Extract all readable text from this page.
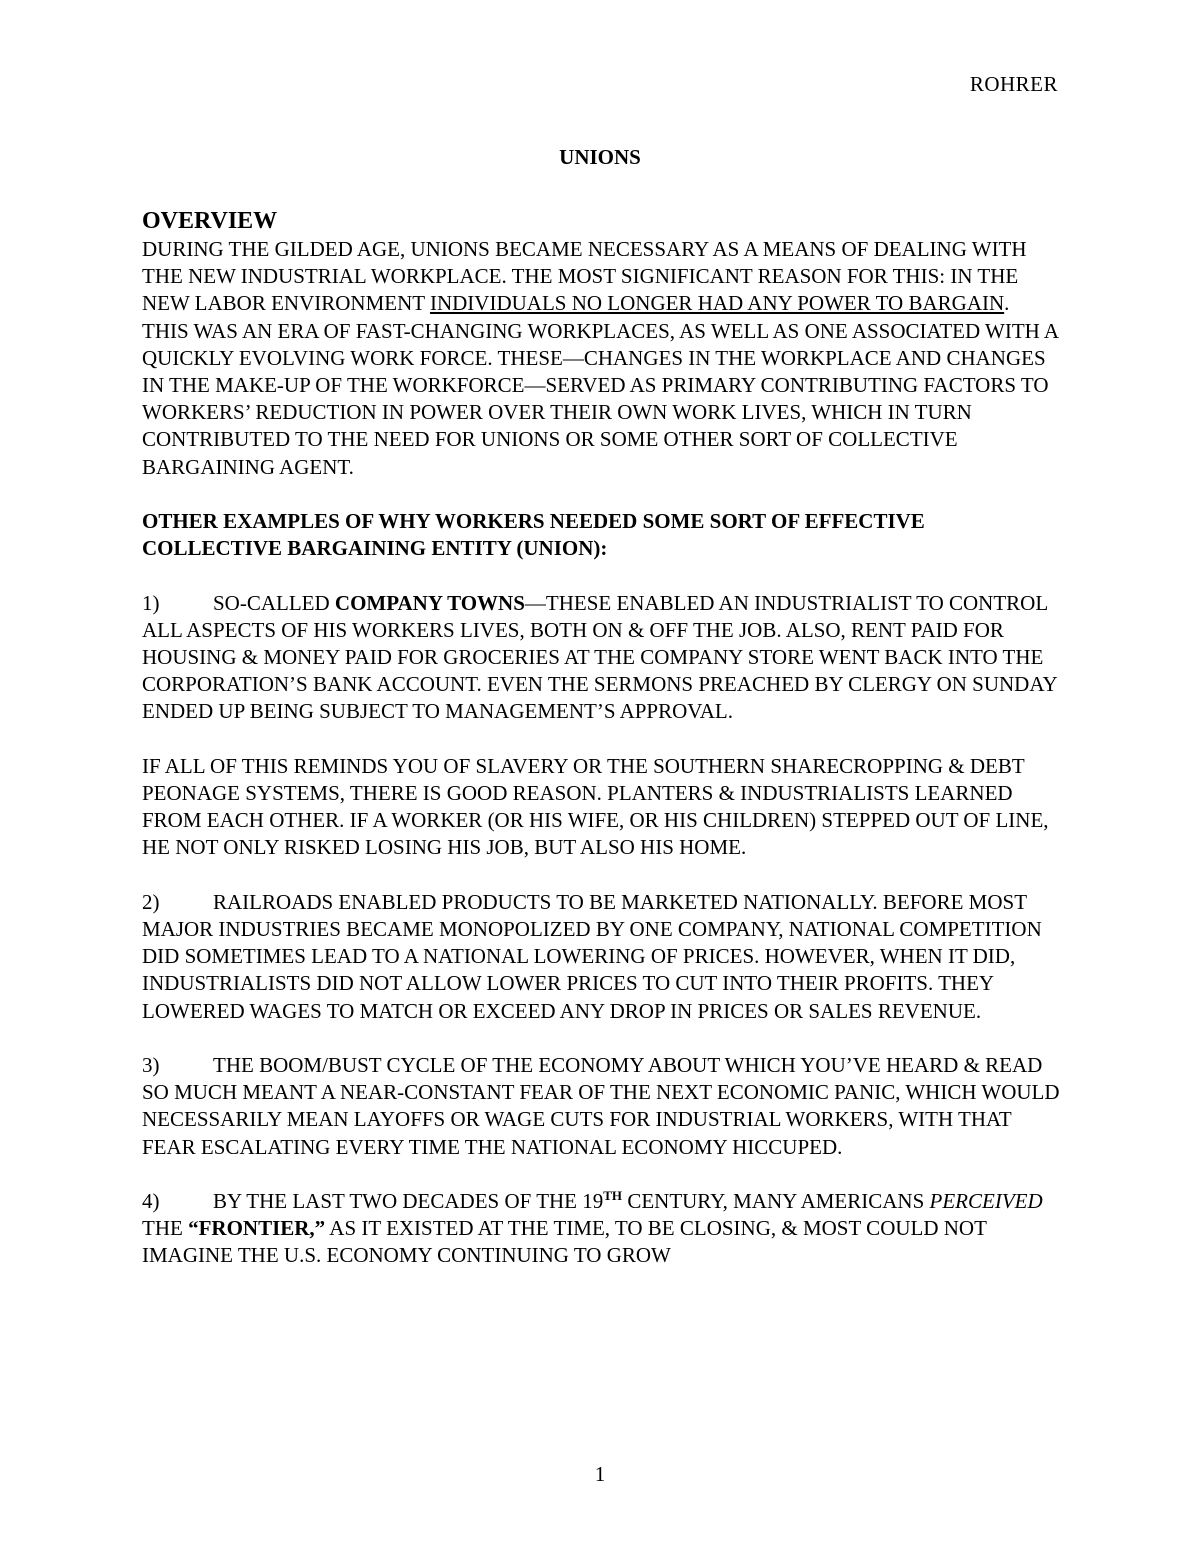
ROHRER
UNIONS
OVERVIEW

DURING THE GILDED AGE, UNIONS BECAME NECESSARY AS A MEANS OF DEALING WITH THE NEW INDUSTRIAL WORKPLACE. THE MOST SIGNIFICANT REASON FOR THIS: IN THE NEW LABOR ENVIRONMENT INDIVIDUALS NO LONGER HAD ANY POWER TO BARGAIN. THIS WAS AN ERA OF FAST-CHANGING WORKPLACES, AS WELL AS ONE ASSOCIATED WITH A QUICKLY EVOLVING WORK FORCE. THESE—CHANGES IN THE WORKPLACE AND CHANGES IN THE MAKE-UP OF THE WORKFORCE—SERVED AS PRIMARY CONTRIBUTING FACTORS TO WORKERS’ REDUCTION IN POWER OVER THEIR OWN WORK LIVES, WHICH IN TURN CONTRIBUTED TO THE NEED FOR UNIONS OR SOME OTHER SORT OF COLLECTIVE BARGAINING AGENT.

OTHER EXAMPLES OF WHY WORKERS NEEDED SOME SORT OF EFFECTIVE COLLECTIVE BARGAINING ENTITY (UNION):

1)	SO-CALLED COMPANY TOWNS—THESE ENABLED AN INDUSTRIALIST TO CONTROL ALL ASPECTS OF HIS WORKERS LIVES, BOTH ON & OFF THE JOB. ALSO, RENT PAID FOR HOUSING & MONEY PAID FOR GROCERIES AT THE COMPANY STORE WENT BACK INTO THE CORPORATION’S BANK ACCOUNT. EVEN THE SERMONS PREACHED BY CLERGY ON SUNDAY ENDED UP BEING SUBJECT TO MANAGEMENT’S APPROVAL.

IF ALL OF THIS REMINDS YOU OF SLAVERY OR THE SOUTHERN SHARECROPPING & DEBT PEONAGE SYSTEMS, THERE IS GOOD REASON. PLANTERS & INDUSTRIALISTS LEARNED FROM EACH OTHER. IF A WORKER (OR HIS WIFE, OR HIS CHILDREN) STEPPED OUT OF LINE, HE NOT ONLY RISKED LOSING HIS JOB, BUT ALSO HIS HOME.

2)	RAILROADS ENABLED PRODUCTS TO BE MARKETED NATIONALLY. BEFORE MOST MAJOR INDUSTRIES BECAME MONOPOLIZED BY ONE COMPANY, NATIONAL COMPETITION DID SOMETIMES LEAD TO A NATIONAL LOWERING OF PRICES. HOWEVER, WHEN IT DID, INDUSTRIALISTS DID NOT ALLOW LOWER PRICES TO CUT INTO THEIR PROFITS. THEY LOWERED WAGES TO MATCH OR EXCEED ANY DROP IN PRICES OR SALES REVENUE.

3)	THE BOOM/BUST CYCLE OF THE ECONOMY ABOUT WHICH YOU’VE HEARD & READ SO MUCH MEANT A NEAR-CONSTANT FEAR OF THE NEXT ECONOMIC PANIC, WHICH WOULD NECESSARILY MEAN LAYOFFS OR WAGE CUTS FOR INDUSTRIAL WORKERS, WITH THAT FEAR ESCALATING EVERY TIME THE NATIONAL ECONOMY HICCUPED.

4)	BY THE LAST TWO DECADES OF THE 19TH CENTURY, MANY AMERICANS PERCEIVED THE “FRONTIER,” AS IT EXISTED AT THE TIME, TO BE CLOSING, & MOST COULD NOT IMAGINE THE U.S. ECONOMY CONTINUING TO GROW

1
